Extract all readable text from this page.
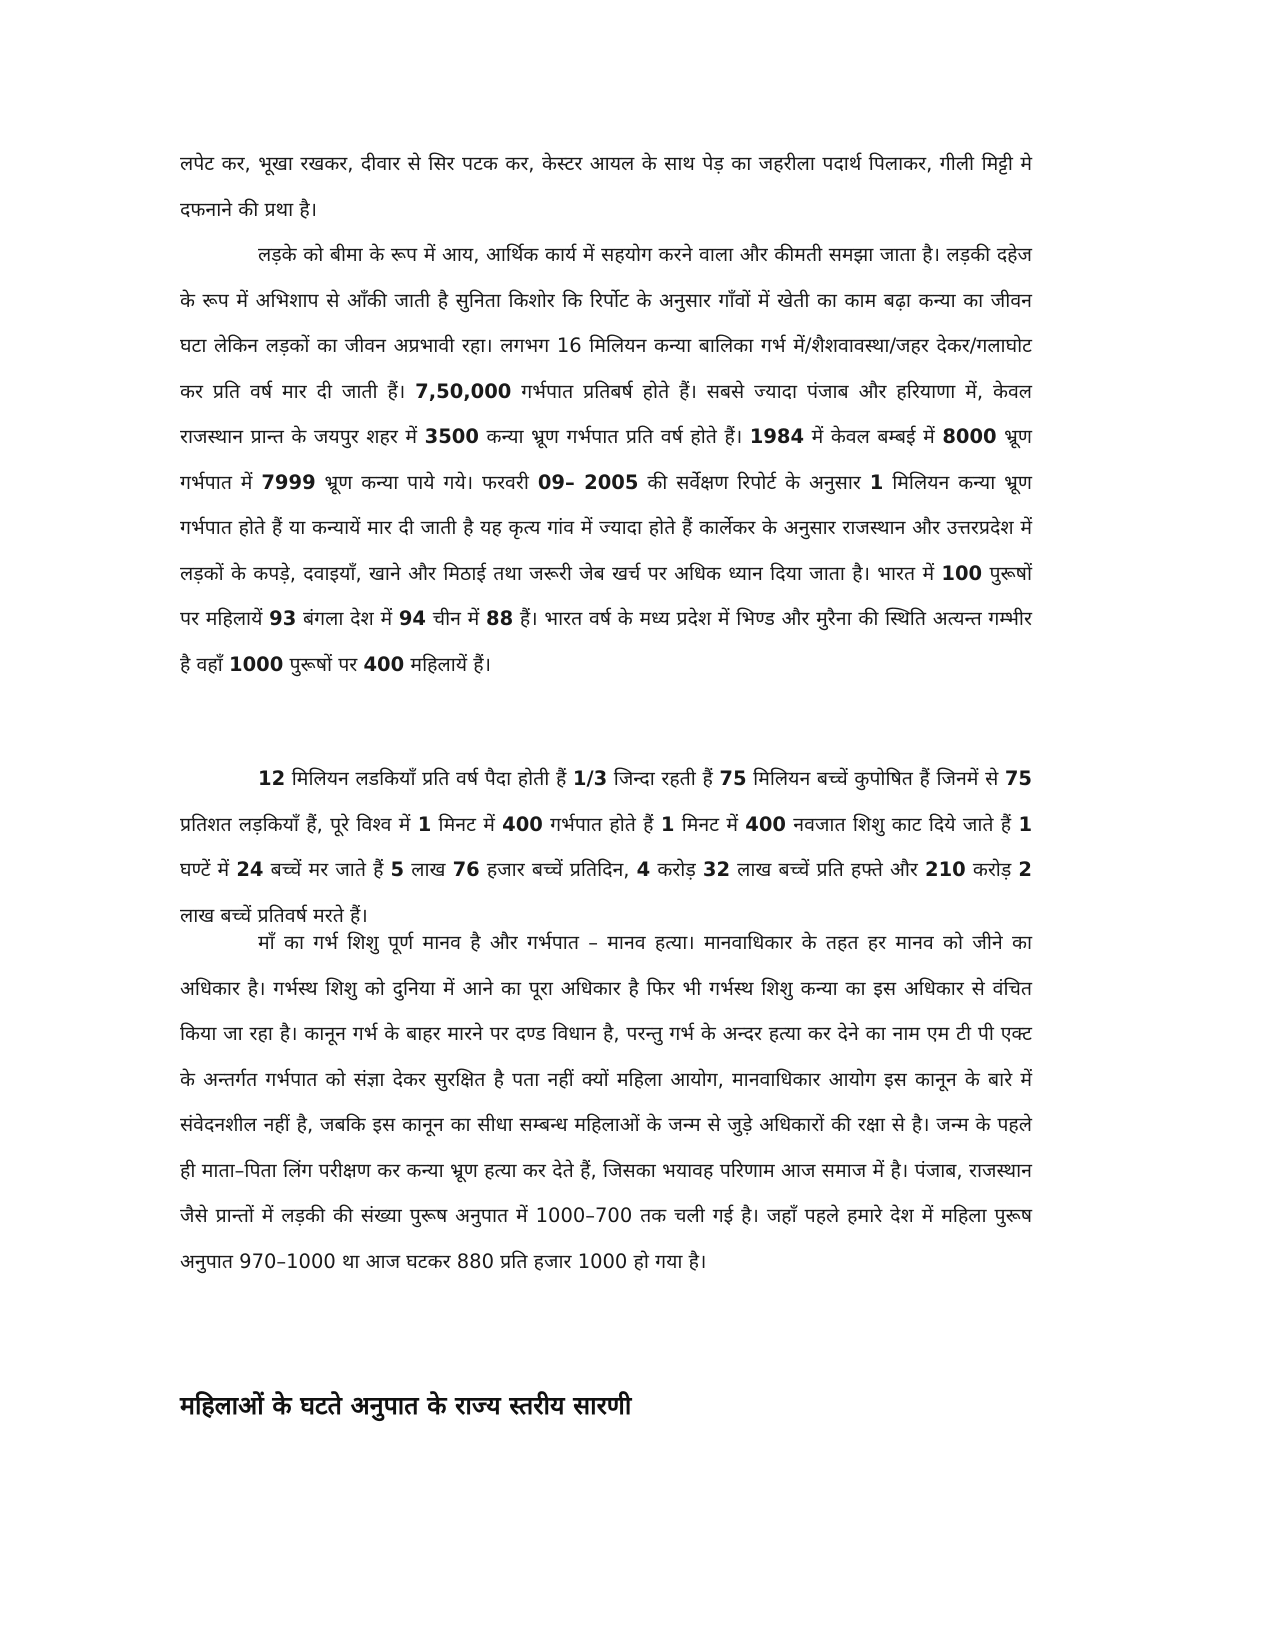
लपेट कर, भूखा रखकर, दीवार से सिर पटक कर, केस्टर आयल के साथ पेड़ का जहरीला पदार्थ पिलाकर, गीली मिट्टी मे दफनाने की प्रथा है।

लड़के को बीमा के रूप में आय, आर्थिक कार्य में सहयोग करने वाला और कीमती समझा जाता है। लड़की दहेज के रूप में अभिशाप से आँकी जाती है सुनिता किशोर कि रिर्पोट के अनुसार गाँवों में खेती का काम बढ़ा कन्या का जीवन घटा लेकिन लड़कों का जीवन अप्रभावी रहा। लगभग 16 मिलियन कन्या बालिका गर्भ में/शैशवावस्था/जहर देकर/गलाघोट कर प्रति वर्ष मार दी जाती हैं। 7,50,000 गर्भपात प्रतिबर्ष होते हैं। सबसे ज्यादा पंजाब और हरियाणा में, केवल राजस्थान प्रान्त के जयपुर शहर में 3500 कन्या भ्रूण गर्भपात प्रति वर्ष होते हैं। 1984 में केवल बम्बई में 8000 भ्रूण गर्भपात में 7999 भ्रूण कन्या पाये गये। फरवरी 09– 2005 की सर्वेक्षण रिपोर्ट के अनुसार 1 मिलियन कन्या भ्रूण गर्भपात होते हैं या कन्यायें मार दी जाती है यह कृत्य गांव में ज्यादा होते हैं कार्लेकर के अनुसार राजस्थान और उत्तरप्रदेश में लड़कों के कपड़े, दवाइयाँ, खाने और मिठाई तथा जरूरी जेब खर्च पर अधिक ध्यान दिया जाता है। भारत में 100 पुरूषों पर महिलायें 93 बंगला देश में 94 चीन में 88 हैं। भारत वर्ष के मध्य प्रदेश में भिण्ड और मुरैना की स्थिति अत्यन्त गम्भीर है वहाँ 1000 पुरूषों पर 400 महिलायें हैं।

12 मिलियन लडकियाँ प्रति वर्ष पैदा होती हैं 1/3 जिन्दा रहती हैं 75 मिलियन बच्चें कुपोषित हैं जिनमें से 75 प्रतिशत लड़कियाँ हैं, पूरे विश्व में 1 मिनट में 400 गर्भपात होते हैं 1 मिनट में 400 नवजात शिशु काट दिये जाते हैं 1 घण्टें में 24 बच्चें मर जाते हैं 5 लाख 76 हजार बच्चें प्रतिदिन, 4 करोड़ 32 लाख बच्चें प्रति हफ्ते और 210 करोड़ 2 लाख बच्चें प्रतिवर्ष मरते हैं।

माँ का गर्भ शिशु पूर्ण मानव है और गर्भपात – मानव हत्या। मानवाधिकार के तहत हर मानव को जीने का अधिकार है। गर्भस्थ शिशु को दुनिया में आने का पूरा अधिकार है फिर भी गर्भस्थ शिशु कन्या का इस अधिकार से वंचित किया जा रहा है। कानून गर्भ के बाहर मारने पर दण्ड विधान है, परन्तु गर्भ के अन्दर हत्या कर देने का नाम एम टी पी एक्ट के अन्तर्गत गर्भपात को संज्ञा देकर सुरक्षित है पता नहीं क्यों महिला आयोग, मानवाधिकार आयोग इस कानून के बारे में संवेदनशील नहीं है, जबकि इस कानून का सीधा सम्बन्ध महिलाओं के जन्म से जुड़े अधिकारों की रक्षा से है। जन्म के पहले ही माता–पिता लिंग परीक्षण कर कन्या भ्रूण हत्या कर देते हैं, जिसका भयावह परिणाम आज समाज में है। पंजाब, राजस्थान जैसे प्रान्तों में लड़की की संख्या पुरूष अनुपात में 1000–700 तक चली गई है। जहाँ पहले हमारे देश में महिला पुरूष अनुपात 970–1000 था आज घटकर 880 प्रति हजार 1000 हो गया है।

महिलाओं के घटते अनुपात के राज्य स्तरीय सारणी
